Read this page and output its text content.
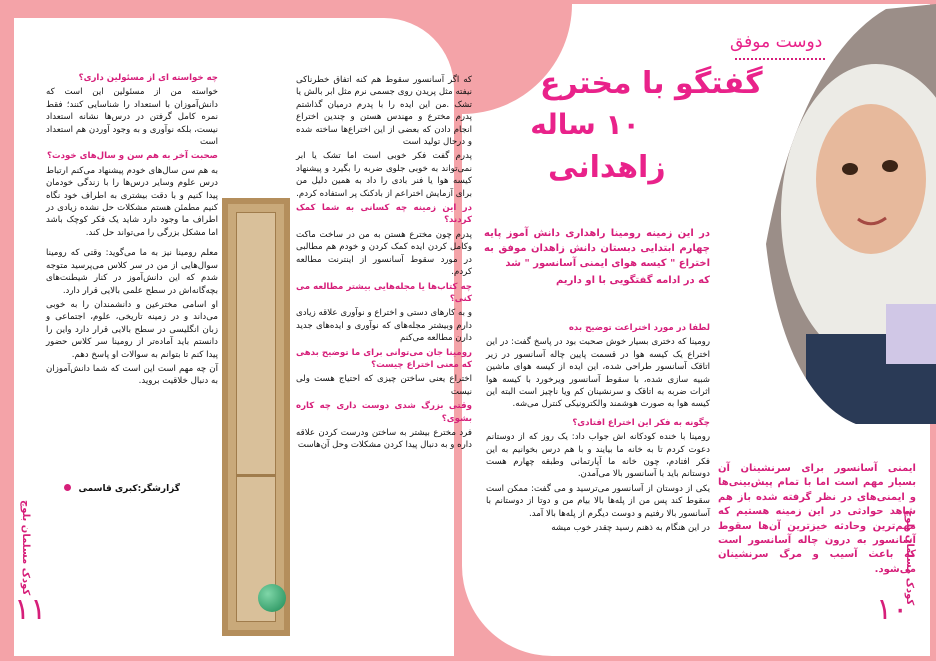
دوست موفق
گفتگو با مخترع
۱۰ ساله
زاهدانی

در این زمینه رومینا راهداری دانش آموز پایه چهارم ابتدایی دبستان دانش زاهدان موفق به اختراع " کیسه هوای ایمنی آسانسور " شد

که در ادامه گفتگویی با او داریم

لطفا در مورد اختراعت توضیح بده

رومینا که دختری بسیار خوش صحبت بود در پاسخ گفت: در این اختراع یک کیسه هوا در قسمت پایین چاله آسانسور در زیر اتاقک آسانسور طراحی شده، این ایده از کیسه هوای ماشین شبیه سازی شده، با سقوط آسانسور ویرخورد با کیسه هوا اثرات ضربه به اتاقک و سرنشینان کم ویا ناچیز است البته این کیسه هوا به صورت هوشمند والکترونیکی کنترل می‌شه.

چگونه به فکر این اختراع افتادی؟

رومینا با خنده کودکانه اش جواب داد: یک روز که از دوستانم دعوت کردم تا به خانه ما بیایند و با هم درس بخوانیم به این فکر افتادم، چون خانه ما آپارتمانی وطبقه چهارم هست دوستانم باید با آسانسور بالا می‌آمدن.

یکی از دوستان از آسانسور می‌ترسید و می گفت: ممکن است سقوط کند پس من از پله‌ها بالا بیام من و دوتا از دوستانم با آسانسور بالا رفتیم و دوست دیگرم از پله‌ها بالا آمد.

در این هنگام به ذهنم رسید چقدر خوب میشه

ایمنی آسانسور برای سرنشینان آن بسیار مهم است اما با تمام پیش‌بینی‌ها و ایمنی‌های در نظر گرفته شده باز هم شاهد حوادثی در این زمینه هستیم که مهم‌ترین وحادثه خیزترین آن‌ها سقوط آسانسور به درون چاله آسانسور است که باعث آسیب و مرگ سرنشینان می‌شود.
کودک مسلمان بلوچ
۱۰

که اگر آسانسور سقوط هم کنه اتفاق خطرناکی نیفته مثل پریدن روی جسمی نرم مثل ابر بالش یا تشک .من این ایده را با پدرم درمیان گذاشتم پدرم مخترع و مهندس هستن و چندین اختراع انجام دادن که بعضی از این اختراع‌ها ساخته شده و درحال تولید است

پدرم گفت فکر خوبی است اما تشک یا ابر نمی‌تواند به خوبی جلوی ضربه را بگیرد و پیشنهاد کیسه هوا یا فنر بادی را داد به همین دلیل من برای آزمایش اختراعم از بادکنک پر استفاده کردم.

در این زمینه چه کسانی به شما کمک کردند؟

پدرم چون مخترع هستن به من در ساخت ماکت وکامل کردن ایده کمک کردن و خودم هم مطالبی در مورد سقوط آسانسور از اینترنت مطالعه کردم.

چه کتاب‌ها یا مجله‌هایی بیشتر مطالعه می کنی؟

و به کارهای دستی و اختراع و نوآوری علاقه زیادی دارم وبیشتر مجله‌های که نوآوری و ایده‌های جدید دارن مطالعه می‌کنم

رومینا جان می‌توانی برای ما توضیح بدهی که معنی اختراع چیست؟

اختراع یعنی ساختن چیزی که احتیاج هست ولی نیست

وقتی بزرگ شدی دوست داری چه کاره بشوی؟

فرد مخترع بیشتر به ساختن ودرست کردن علاقه داره و به دنبال پیدا کردن مشکلات وحل آن‌هاست

چه خواسته ای از مسئولین داری؟

خواسته من از مسئولین این است که دانش‌آموزان با استعداد را شناسایی کنند؛ فقط نمره کامل گرفتن در درس‌ها نشانه استعداد نیست، بلکه نوآوری و به وجود آوردن هم استعداد است

صحبت آخر به هم سن و سال‌های خودت؟

به هم سن سال‌های خودم پیشنهاد می‌کنم ارتباط درس علوم وسایر درس‌ها را با زندگی خودمان پیدا کنیم و با دقت بیشتری به اطراف خود نگاه کنیم مطمئن هستم مشکلات حل نشده زیادی در اطراف ما وجود دارد شاید یک فکر کوچک باشد اما مشکل بزرگی را می‌تواند حل کند.

معلم رومینا نیز به ما می‌گوید: وقتی که رومینا سوال‌هایی از من در سر کلاس می‌پرسید متوجه شدم که این دانش‌آموز در کنار شیطنت‌های بچه‌گانه‌اش در سطح علمی بالایی قرار دارد.

او اسامی مخترعین و دانشمندان را به خوبی می‌داند و در زمینه تاریخی، علوم، اجتماعی و زبان انگلیسی در سطح بالایی قرار دارد واین را دانستم باید آماده‌تر از رومینا سر کلاس حضور پیدا کنم تا بتوانم به سوالات او پاسخ دهم.

آن چه مهم است این است که شما دانش‌آموزان به دنبال خلاقیت بروید.

گزارشگر:کبری قاسمی
کودک مسلمان بلوچ
۱۱
